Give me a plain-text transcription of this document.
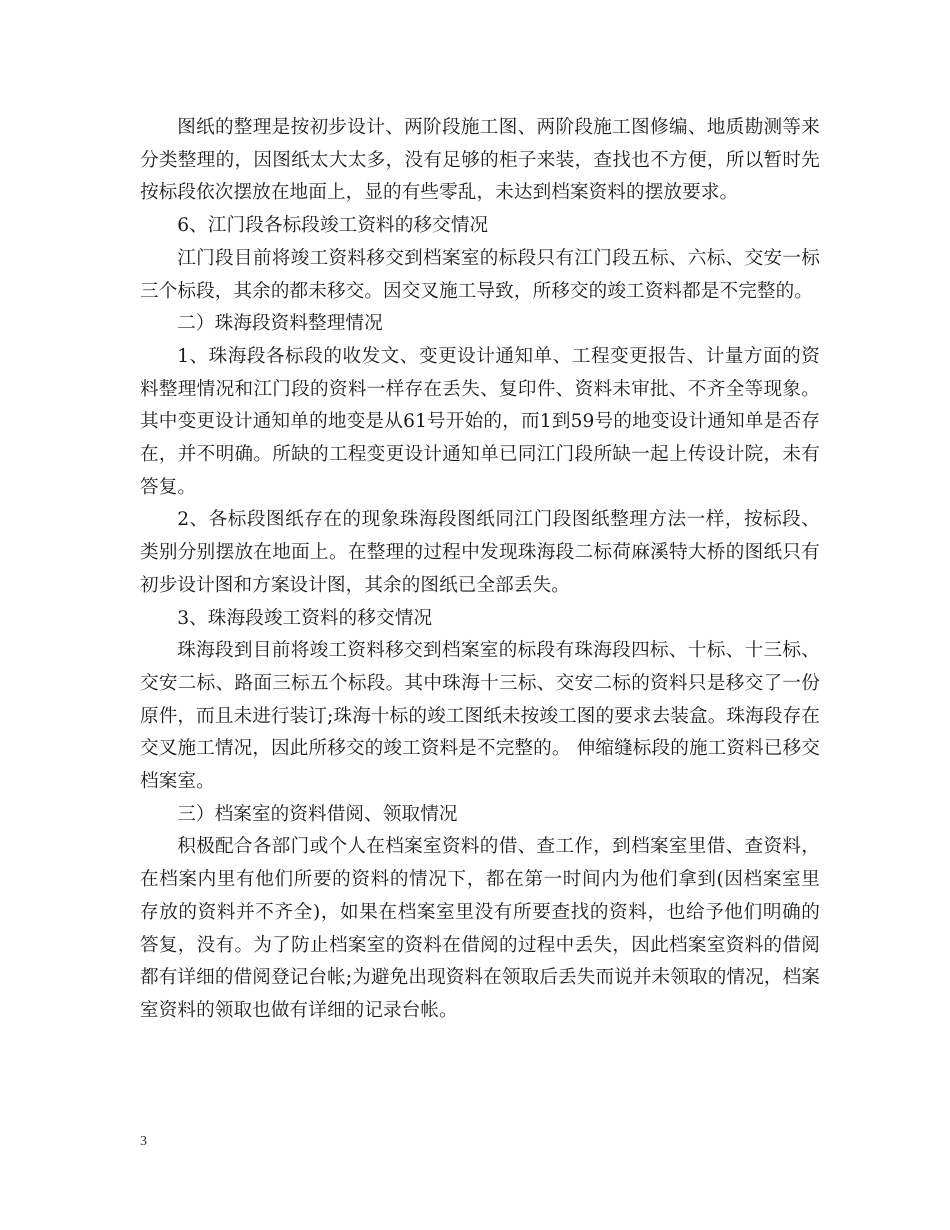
图纸的整理是按初步设计、两阶段施工图、两阶段施工图修编、地质勘测等来分类整理的，因图纸太大太多，没有足够的柜子来装，查找也不方便，所以暂时先按标段依次摆放在地面上，显的有些零乱，未达到档案资料的摆放要求。

6、江门段各标段竣工资料的移交情况

江门段目前将竣工资料移交到档案室的标段只有江门段五标、六标、交安一标三个标段，其余的都未移交。因交叉施工导致，所移交的竣工资料都是不完整的。

二）珠海段资料整理情况

1、珠海段各标段的收发文、变更设计通知单、工程变更报告、计量方面的资料整理情况和江门段的资料一样存在丢失、复印件、资料未审批、不齐全等现象。其中变更设计通知单的地变是从61号开始的，而1到59号的地变设计通知单是否存在，并不明确。所缺的工程变更设计通知单已同江门段所缺一起上传设计院，未有答复。

2、各标段图纸存在的现象珠海段图纸同江门段图纸整理方法一样，按标段、类别分别摆放在地面上。在整理的过程中发现珠海段二标荷麻溪特大桥的图纸只有初步设计图和方案设计图，其余的图纸已全部丢失。

3、珠海段竣工资料的移交情况

珠海段到目前将竣工资料移交到档案室的标段有珠海段四标、十标、十三标、交安二标、路面三标五个标段。其中珠海十三标、交安二标的资料只是移交了一份原件，而且未进行装订;珠海十标的竣工图纸未按竣工图的要求去装盒。珠海段存在交叉施工情况，因此所移交的竣工资料是不完整的。 伸缩缝标段的施工资料已移交档案室。

三）档案室的资料借阅、领取情况

积极配合各部门或个人在档案室资料的借、查工作，到档案室里借、查资料，在档案内里有他们所要的资料的情况下，都在第一时间内为他们拿到(因档案室里存放的资料并不齐全)，如果在档案室里没有所要查找的资料，也给予他们明确的答复，没有。为了防止档案室的资料在借阅的过程中丢失，因此档案室资料的借阅都有详细的借阅登记台帐;为避免出现资料在领取后丢失而说并未领取的情况，档案室资料的领取也做有详细的记录台帐。

3
